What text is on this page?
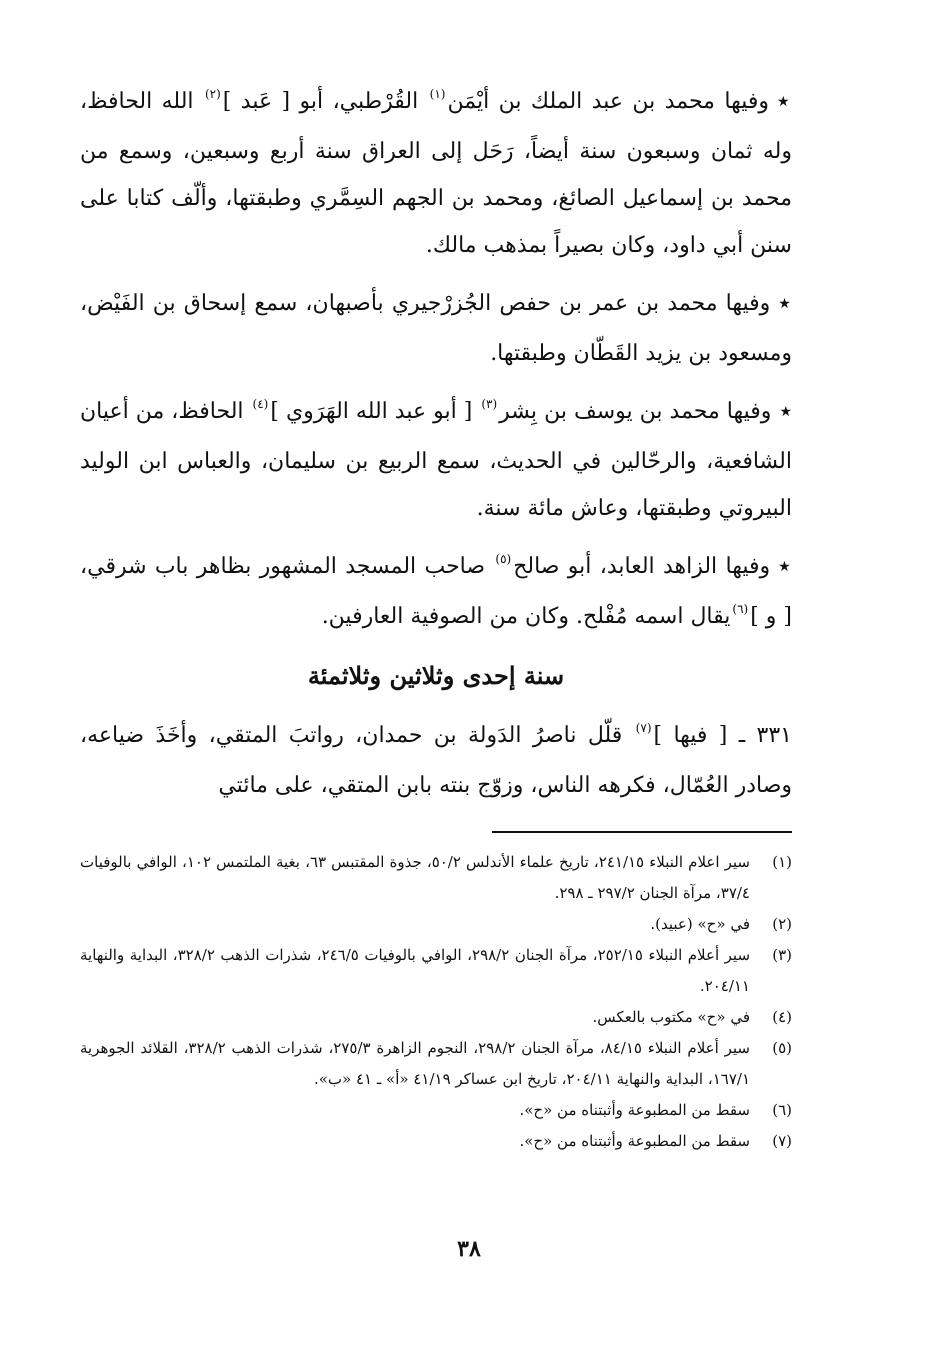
★وفيها محمد بن عبد الملك بن أيْمَن$^{(١)}$ القُرْطبي، أبو [ عَبد ]$^{(٢)}$ الله الحافظ، وله ثمان وسبعون سنة أيضاً، رَحَل إلى العراق سنة أربع وسبعين، وسمع من محمد بن إسماعيل الصائغ، ومحمد بن الجهم السِمَّري وطبقتها، وألّف كتابا على سنن أبي داود، وكان بصيراً بمذهب مالك.

★وفيها محمد بن عمر بن حفص الجُزرْجيري بأصبهان، سمع إسحاق بن الفَيْض، ومسعود بن يزيد القَطّان وطبقتها.

★وفيها محمد بن يوسف بن بِشر$^{(٣)}$ [ أبو عبد الله الهَرَوي ]$^{(٤)}$ الحافظ، من أعيان الشافعية، والرحّالين في الحديث، سمع الربيع بن سليمان، والعباس ابن الوليد البيروتي وطبقتها، وعاش مائة سنة.

★وفيها الزاهد العابد، أبو صالح$^{(٥)}$ صاحب المسجد المشهور بظاهر باب شرقي، [ و ]$^{(٦)}$يقال اسمه مُفْلح. وكان من الصوفية العارفين.

سنة إحدى وثلاثين وثلاثمئة

٣٣١ ـ [ فيها ]$^{(٧)}$ قلّل ناصرُ الدَولة بن حمدان، رواتبَ المتقي، وأخَذَ ضياعه، وصادر العُمّال، فكرهه الناس، وزوّج بنته بابن المتقي، على مائتي

(١)
سير اعلام النبلاء ٢٤١/١٥، تاريخ علماء الأندلس ٥٠/٢، جذوة المقتبس ٦٣، بغية الملتمس ١٠٢، الوافي بالوفيات ٣٧/٤، مرآة الجنان ٢٩٧/٢ ـ ٢٩٨.
(٢)
في «ح» (عبيد).
(٣)
سير أعلام النبلاء ٢٥٢/١٥، مرآة الجنان ٢٩٨/٢، الوافي بالوفيات ٢٤٦/٥، شذرات الذهب ٣٢٨/٢، البداية والنهاية ٢٠٤/١١.
(٤)
في «ح» مكتوب بالعكس.
(٥)
سير أعلام النبلاء ٨٤/١٥، مرآة الجنان ٢٩٨/٢، النجوم الزاهرة ٢٧٥/٣، شذرات الذهب ٣٢٨/٢، القلائد الجوهرية ١٦٧/١، البداية والنهاية ٢٠٤/١١، تاريخ ابن عساكر ٤١/١٩ «أ» ـ ٤١ «ب».
(٦)
سقط من المطبوعة وأثبتناه من «ح».
(٧)
سقط من المطبوعة وأثبتناه من «ح».
٣٨
